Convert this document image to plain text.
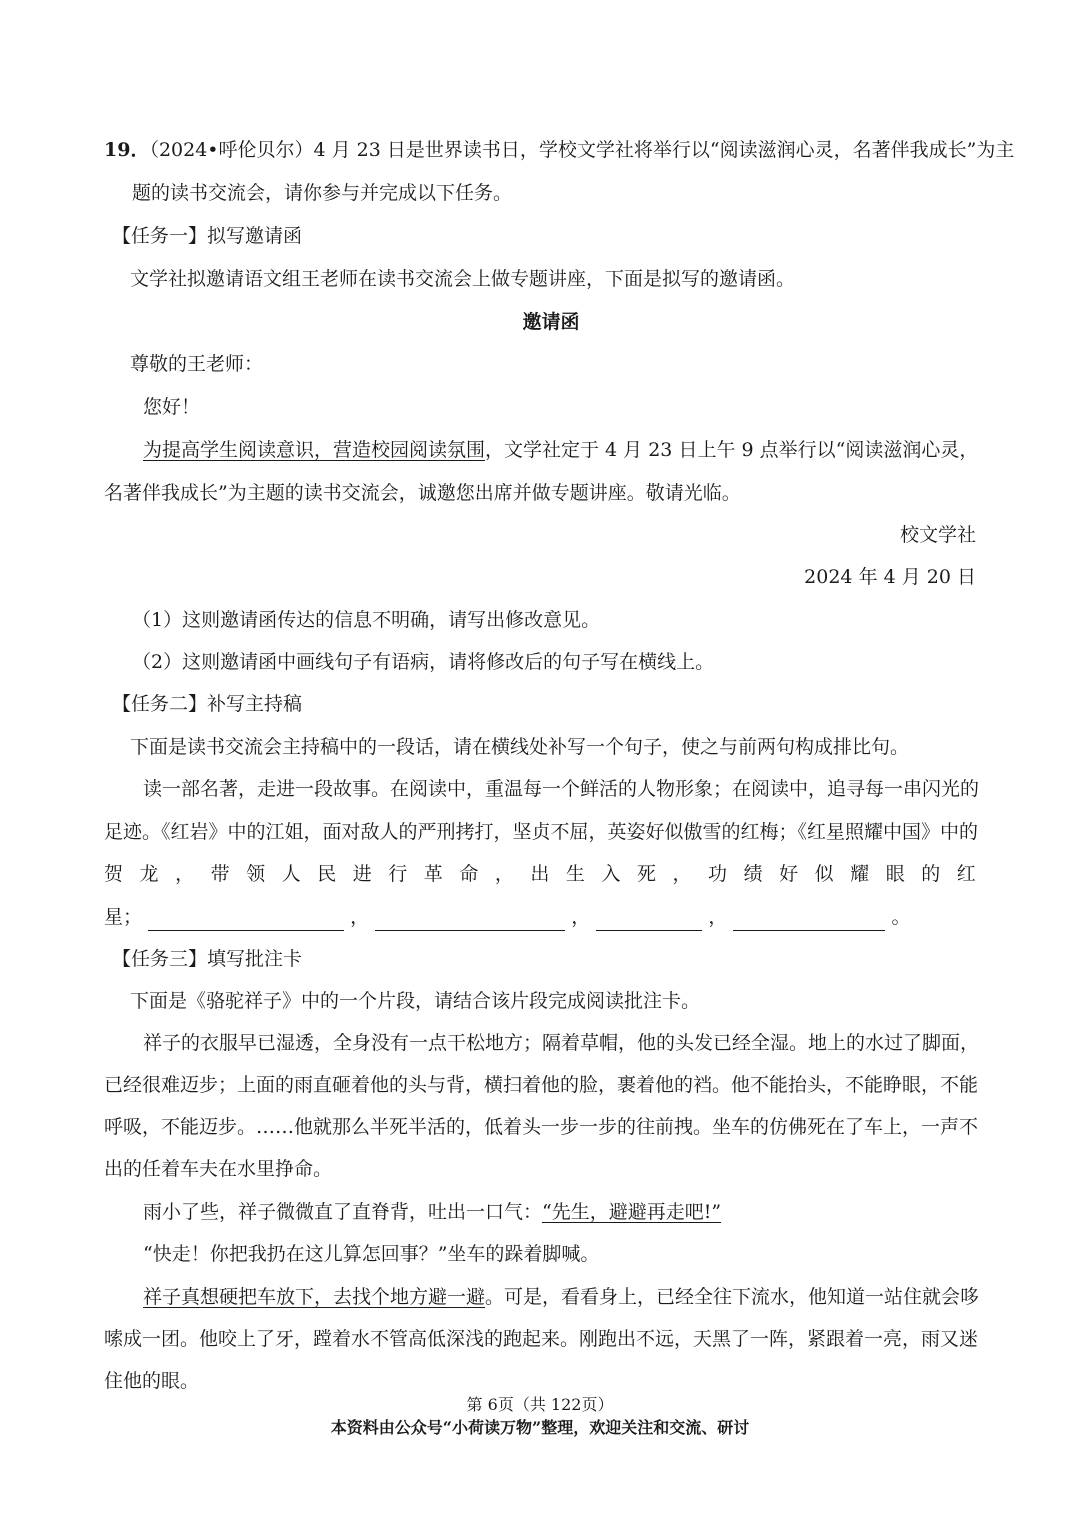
19．（2024•呼伦贝尔）4 月 23 日是世界读书日，学校文学社将举行以“阅读滋润心灵，名著伴我成长”为主
题的读书交流会，请你参与并完成以下任务。
【任务一】拟写邀请函
文学社拟邀请语文组王老师在读书交流会上做专题讲座，下面是拟写的邀请函。
邀请函
尊敬的王老师：
您好！
为提高学生阅读意识，营造校园阅读氛围，文学社定于 4 月 23 日上午 9 点举行以“阅读滋润心灵，
名著伴我成长”为主题的读书交流会，诚邀您出席并做专题讲座。敬请光临。
校文学社
2024 年 4 月 20 日
（1）这则邀请函传达的信息不明确，请写出修改意见。
（2）这则邀请函中画线句子有语病，请将修改后的句子写在横线上。
【任务二】补写主持稿
下面是读书交流会主持稿中的一段话，请在横线处补写一个句子，使之与前两句构成排比句。
读一部名著，走进一段故事。在阅读中，重温每一个鲜活的人物形象；在阅读中，追寻每一串闪光的
足迹。《红岩》中的江姐，面对敌人的严刑拷打，坚贞不屈，英姿好似傲雪的红梅；《红星照耀中国》中的
贺 龙 ， 带 领 人 民 进 行 革 命 ， 出 生 入 死 ， 功 绩 好 似 耀 眼 的 红
星；	，	，	，	。
【任务三】填写批注卡
下面是《骆驼祥子》中的一个片段，请结合该片段完成阅读批注卡。
祥子的衣服早已湿透，全身没有一点干松地方；隔着草帽，他的头发已经全湿。地上的水过了脚面，
已经很难迈步；上面的雨直砸着他的头与背，横扫着他的脸，裹着他的裆。他不能抬头，不能睁眼，不能
呼吸，不能迈步。……他就那么半死半活的，低着头一步一步的往前拽。坐车的仿佛死在了车上，一声不
出的任着车夫在水里挣命。
雨小了些，祥子微微直了直脊背，吐出一口气：“先生，避避再走吧!”
“快走！你把我扔在这儿算怎回事？”坐车的跺着脚喊。
祥子真想硬把车放下，去找个地方避一避。可是，看看身上，已经全往下流水，他知道一站住就会哆
嗦成一团。他咬上了牙，蹚着水不管高低深浅的跑起来。刚跑出不远，天黑了一阵，紧跟着一亮，雨又迷
住他的眼。
第 6页（共 122页）
本资料由公众号“小荷读万物”整理，欢迎关注和交流、研讨
